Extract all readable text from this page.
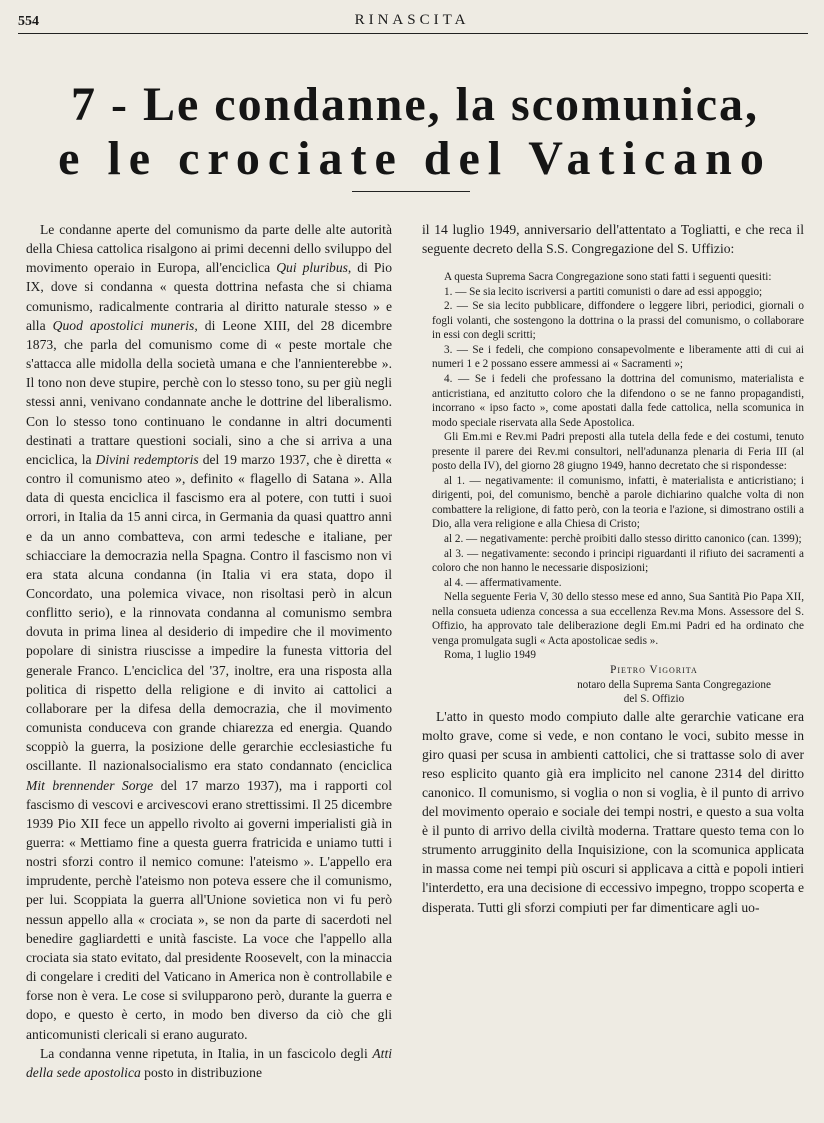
554	RINASCITA
7 - Le condanne, la scomunica,
e le crociate del Vaticano

Le condanne aperte del comunismo da parte delle alte autorità della Chiesa cattolica risalgono ai primi decenni dello sviluppo del movimento operaio in Europa, all'enciclica Qui pluribus, di Pio IX, dove si condanna « questa dottrina nefasta che si chiama comunismo, radicalmente contraria al diritto naturale stesso » e alla Quod apostolici muneris, di Leone XIII, del 28 dicembre 1873, che parla del comunismo come di « peste mortale che s'attacca alle midolla della società umana e che l'annienterebbe ». Il tono non deve stupire, perchè con lo stesso tono, su per giù negli stessi anni, venivano condannate anche le dottrine del liberalismo. Con lo stesso tono continuano le condanne in altri documenti destinati a trattare questioni sociali, sino a che si arriva a una enciclica, la Divini redemptoris del 19 marzo 1937, che è diretta « contro il comunismo ateo », definito « flagello di Satana ». Alla data di questa enciclica il fascismo era al potere, con tutti i suoi orrori, in Italia da 15 anni circa, in Germania da quasi quattro anni e da un anno combatteva, con armi tedesche e italiane, per schiacciare la democrazia nella Spagna. Contro il fascismo non vi era stata alcuna condanna (in Italia vi era stata, dopo il Concordato, una polemica vivace, non risoltasi però in alcun conflitto serio), e la rinnovata condanna al comunismo sembra dovuta in prima linea al desiderio di impedire che il movimento popolare di sinistra riuscisse a impedire la funesta vittoria del generale Franco. L'enciclica del '37, inoltre, era una risposta alla politica di rispetto della religione e di invito ai cattolici a collaborare per la difesa della democrazia, che il movimento comunista conduceva con grande chiarezza ed energia. Quando scoppiò la guerra, la posizione delle gerarchie ecclesiastiche fu oscillante. Il nazionalsocialismo era stato condannato (enciclica Mit brennender Sorge del 17 marzo 1937), ma i rapporti col fascismo di vescovi e arcivescovi erano strettissimi. Il 25 dicembre 1939 Pio XII fece un appello rivolto ai governi imperialisti già in guerra: « Mettiamo fine a questa guerra fratricida e uniamo tutti i nostri sforzi contro il nemico comune: l'ateismo ». L'appello era imprudente, perchè l'ateismo non poteva essere che il comunismo, per lui. Scoppiata la guerra all'Unione sovietica non vi fu però nessun appello alla « crociata », se non da parte di sacerdoti nel benedire gagliardetti e unità fasciste. La voce che l'appello alla crociata sia stato evitato, dal presidente Roosevelt, con la minaccia di congelare i crediti del Vaticano in America non è controllabile e forse non è vera. Le cose si svilupparono però, durante la guerra e dopo, e questo è certo, in modo ben diverso da ciò che gli anticomunisti clericali si erano augurato.

La condanna venne ripetuta, in Italia, in un fascicolo degli Atti della sede apostolica posto in distribuzione

il 14 luglio 1949, anniversario dell'attentato a Togliatti, e che reca il seguente decreto della S.S. Congregazione del S. Uffizio:

A questa Suprema Sacra Congregazione sono stati fatti i seguenti quesiti:

1. — Se sia lecito iscriversi a partiti comunisti o dare ad essi appoggio;

2. — Se sia lecito pubblicare, diffondere o leggere libri, periodici, giornali o fogli volanti, che sostengono la dottrina o la prassi del comunismo, o collaborare in essi con degli scritti;

3. — Se i fedeli, che compiono consapevolmente e liberamente atti di cui ai numeri 1 e 2 possano essere ammessi ai « Sacramenti »;

4. — Se i fedeli che professano la dottrina del comunismo, materialista e anticristiana, ed anzitutto coloro che la difendono o se ne fanno propagandisti, incorrano « ipso facto », come apostati dalla fede cattolica, nella scomunica in modo speciale riservata alla Sede Apostolica.

Gli Em.mi e Rev.mi Padri preposti alla tutela della fede e dei costumi, tenuto presente il parere dei Rev.mi consultori, nell'adunanza plenaria di Feria III (al posto della IV), del giorno 28 giugno 1949, hanno decretato che si rispondesse:

al 1. — negativamente: il comunismo, infatti, è materialista e anticristiano; i dirigenti, poi, del comunismo, benchè a parole dichiarino qualche volta di non combattere la religione, di fatto però, con la teoria e l'azione, si dimostrano ostili a Dio, alla vera religione e alla Chiesa di Cristo;

al 2. — negativamente: perchè proibiti dallo stesso diritto canonico (can. 1399);

al 3. — negativamente: secondo i principi riguardanti il rifiuto dei sacramenti a coloro che non hanno le necessarie disposizioni;

al 4. — affermativamente.

Nella seguente Feria V, 30 dello stesso mese ed anno, Sua Santità Pio Papa XII, nella consueta udienza concessa a sua eccellenza Rev.ma Mons. Assessore del S. Offizio, ha approvato tale deliberazione degli Em.mi Padri ed ha ordinato che venga promulgata sugli « Acta apostolicae sedis ».

Roma, 1 luglio 1949

Pietro Vigorita

notaro della Suprema Santa Congregazione

del S. Offizio

L'atto in questo modo compiuto dalle alte gerarchie vaticane era molto grave, come si vede, e non contano le voci, subito messe in giro quasi per scusa in ambienti cattolici, che si trattasse solo di aver reso esplicito quanto già era implicito nel canone 2314 del diritto canonico. Il comunismo, si voglia o non si voglia, è il punto di arrivo del movimento operaio e sociale dei tempi nostri, e questo a sua volta è il punto di arrivo della civiltà moderna. Trattare questo tema con lo strumento arrugginito della Inquisizione, con la scomunica applicata in massa come nei tempi più oscuri si applicava a città e popoli intieri l'interdetto, era una decisione di eccessivo impegno, troppo scoperta e disperata. Tutti gli sforzi compiuti per far dimenticare agli uo-
